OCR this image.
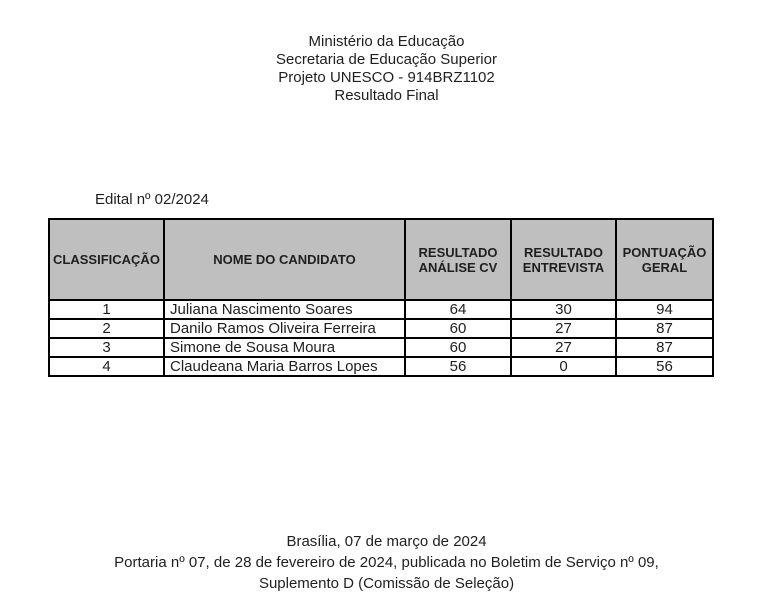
Ministério da Educação
Secretaria de Educação Superior
Projeto UNESCO - 914BRZ1102
Resultado Final
Edital nº 02/2024
CLASSIFICAÇÃO	NOME DO CANDIDATO	RESULTADO ANÁLISE CV	RESULTADO ENTREVISTA	PONTUAÇÃO GERAL
1	Juliana Nascimento Soares	64	30	94
2	Danilo Ramos Oliveira Ferreira	60	27	87
3	Simone de Sousa Moura	60	27	87
4	Claudeana Maria Barros Lopes	56	0	56
Brasília, 07 de março de 2024
Portaria nº 07, de 28 de fevereiro de 2024, publicada no Boletim de Serviço nº 09,
Suplemento D (Comissão de Seleção)
